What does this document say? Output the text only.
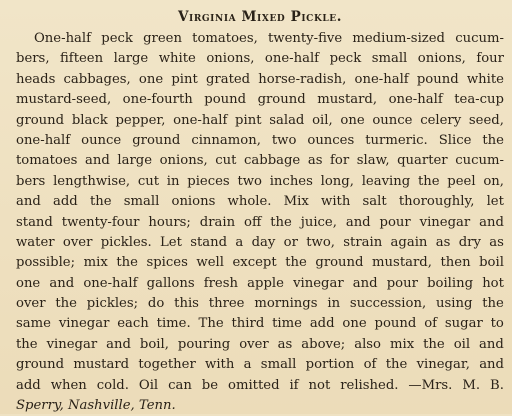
Virginia Mixed Pickle.
One-half peck green tomatoes, twenty-five medium-sized cucum-
bers, fifteen large white onions, one-half peck small onions, four
heads cabbages, one pint grated horse-radish, one-half pound white
mustard-seed, one-fourth pound ground mustard, one-half tea-cup
ground black pepper, one-half pint salad oil, one ounce celery seed,
one-half ounce ground cinnamon, two ounces turmeric. Slice the
tomatoes and large onions, cut cabbage as for slaw, quarter cucum-
bers lengthwise, cut in pieces two inches long, leaving the peel on,
and add the small onions whole. Mix with salt thoroughly, let
stand twenty-four hours; drain off the juice, and pour vinegar and
water over pickles. Let stand a day or two, strain again as dry as
possible; mix the spices well except the ground mustard, then boil
one and one-half gallons fresh apple vinegar and pour boiling hot
over the pickles; do this three mornings in succession, using the
same vinegar each time. The third time add one pound of sugar to
the vinegar and boil, pouring over as above; also mix the oil and
ground mustard together with a small portion of the vinegar, and
add when cold. Oil can be omitted if not relished. —Mrs. M. B.
Sperry, Nashville, Tenn.
